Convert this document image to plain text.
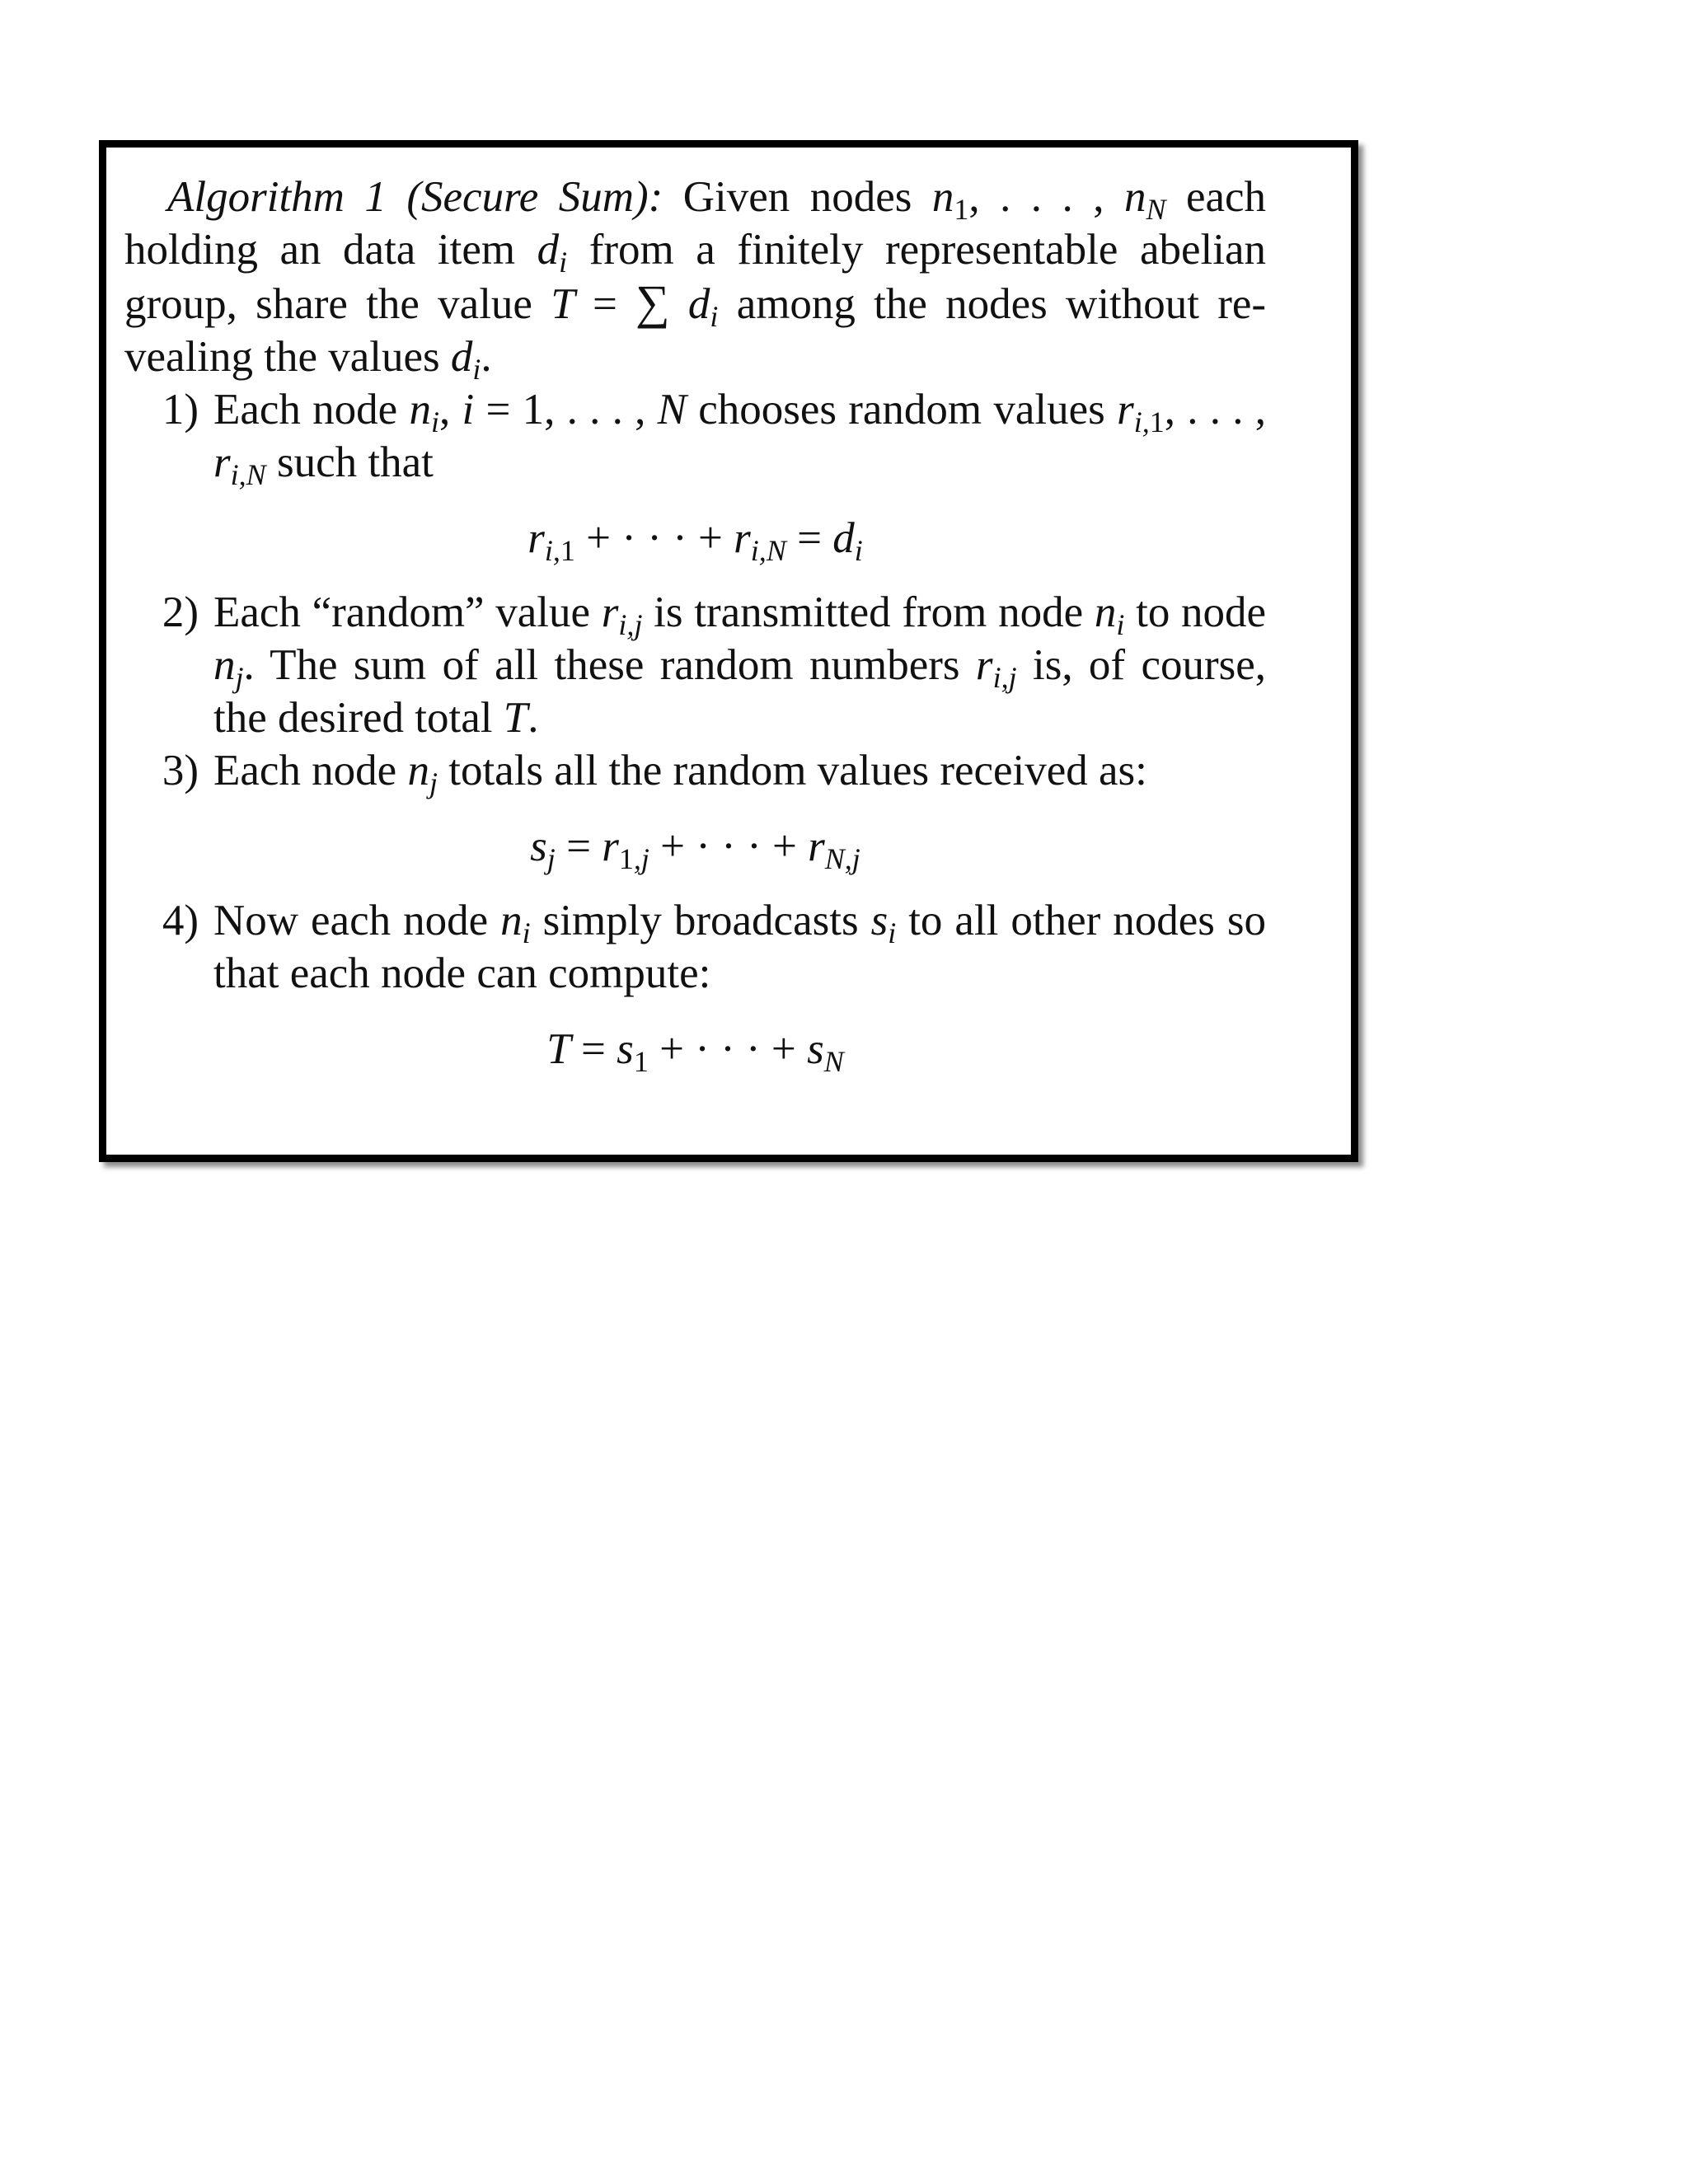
Algorithm 1 (Secure Sum): Given nodes $n_1$, . . . , $n_N$ each holding an data item $d_i$ from a finitely representable abelian group, share the value T = ∑ $d_i$ among the nodes without re-vealing the values $d_i$.

1) Each node $n_i$, i = 1, . . . , N chooses random values $r_{i,1}$, . . . , $r_{i,N}$ such that
$r_{i,1}$ + · · · + $r_{i,N} = d_i$
2) Each “random” value $r_{i,j}$ is transmitted from node $n_i$ to node $n_j$. The sum of all these random numbers $r_{i,j}$ is, of course, the desired total T.
3) Each node $n_j$ totals all the random values received as:
$s_j = r_{1,j}$ + · · · + $r_{N,j}$
4) Now each node $n_i$ simply broadcasts $s_i$ to all other nodes so that each node can compute:
$T = s_1$ + · · · + $s_N$
